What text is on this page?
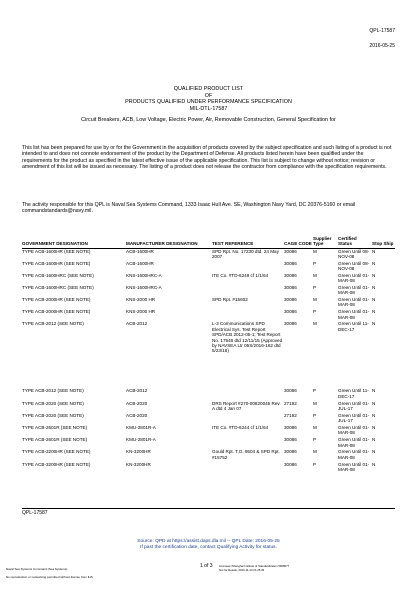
QPL-17587
2016-05-25
QUALIFIED PRODUCT LIST
OF
PRODUCTS QUALIFIED UNDER PERFORMANCE SPECIFICATION
MIL-DTL-17587
Circuit Breakers, ACB, Low Voltage, Electric Power, Air, Removable Construction, General Specification for
This list has been prepared for use by or for the Government in the acquisition of products covered by the subject specification and such listing of a product is not intended to and does not connote endorsement of the product by the Department of Defense. All products listed herein have been qualified under the requirements for the product as specified in the latest effective issue of the applicable specification. This list is subject to change without notice; revision or amendment of this list will be issued as necessary. The listing of a product does not release the contractor from compliance with the specification requirements.
The activity responsible for this QPL is Naval Sea Systems Command, 1333 Isaac Hull Ave. SE, Washington Navy Yard, DC 20376-5160 or email commandstandards@navy.mil.
GOVERNMENT DESIGNATION	MANUFACTURER DESIGNATION	TEST REFERENCE	CAGE CODE	Supplier Type	Certified Status	Stop Ship
TYPE ACB-1600HR (SEE NOTE)	ACB-1600HR	SPD Rpt. No. 17230 dtd. 24 May 2007	30086	M	Green Until 08-NOV-08	N
TYPE ACB-1600HR (SEE NOTE)	ACB-1600HR		30086	P	Green Until 08-NOV-08	N
TYPE ACB-1600HRC (SEE NOTE)	KNS-1600HRC-A	ITE Co. #TD-6249 cf 1/1/64	30086	M	Green Until 01-MAR-08	N
TYPE ACB-1600HRC (SEE NOTE)	KNS-1600HRC-A		30086	P	Green Until 01-MAR-08	N
TYPE ACB-2000HR (SEE NOTE)	KNS-2000 HR	SPD Rpt. #15602	30086	M	Green Until 01-MAR-08	N
TYPE ACB-2000HR (SEE NOTE)	KNS-2000 HR		30086	P	Green Until 01-MAR-08	N
TYPE ACB-2012 (SEE NOTE)	ACB-2012	L-3 Communications SPD Electrical Sys. Test Report SPD/ACB 2012-05-1; Test Report No. 17546 dtd 12/11/15 (Approved by NAVSEA Ltr 05S/2016-162 dtd 5/23/16)	30086	M	Green Until 11-DEC-17	N
TYPE ACB-2012 (SEE NOTE)	ACB-2012		30086	P	Green Until 11-DEC-17	N
TYPE ACB-2020 (SEE NOTE)	ACB-2020	DRS Report #270-00820045 Rev. A dtd 4 Jan 07	27192	M	Green Until 01-JUL-17	N
TYPE ACB-2020 (SEE NOTE)	ACB-2020		27192	P	Green Until 01-JUL-17	N
TYPE ACB-2601R (SEE NOTE)	KMU-2801R-A	ITE Co. #TD-6244 cf 1/1/64	30086	M	Green Until 01-MAR-08	N
TYPE ACB-2601R (SEE NOTE)	KMU-2801R-A		30086	P	Green Until 01-MAR-08	N
TYPE ACB-3200HR (SEE NOTE)	KN-3200HR	Gould Rpt. T.O. 9504 & SPD Rpt. #15752	30086	M	Green Until 01-MAR-08	N
TYPE ACB-3200HR (SEE NOTE)	KN-3200HR		30086	P	Green Until 01-MAR-08	N
QPL-17587
Source: QPD at https://assist.daps.dla.mil -- QPL Date: 2016-05-25
If past the certification date, contact Qualifying Activity for status.
Naval Sea Systems Command (Sea Systems)
No reproduction or networking permitted without license from IHS
1 of 3 Licensee=Shanghai Institute of Standardization 5908677
Not for Resale, 2016-11-13 21:25:36
